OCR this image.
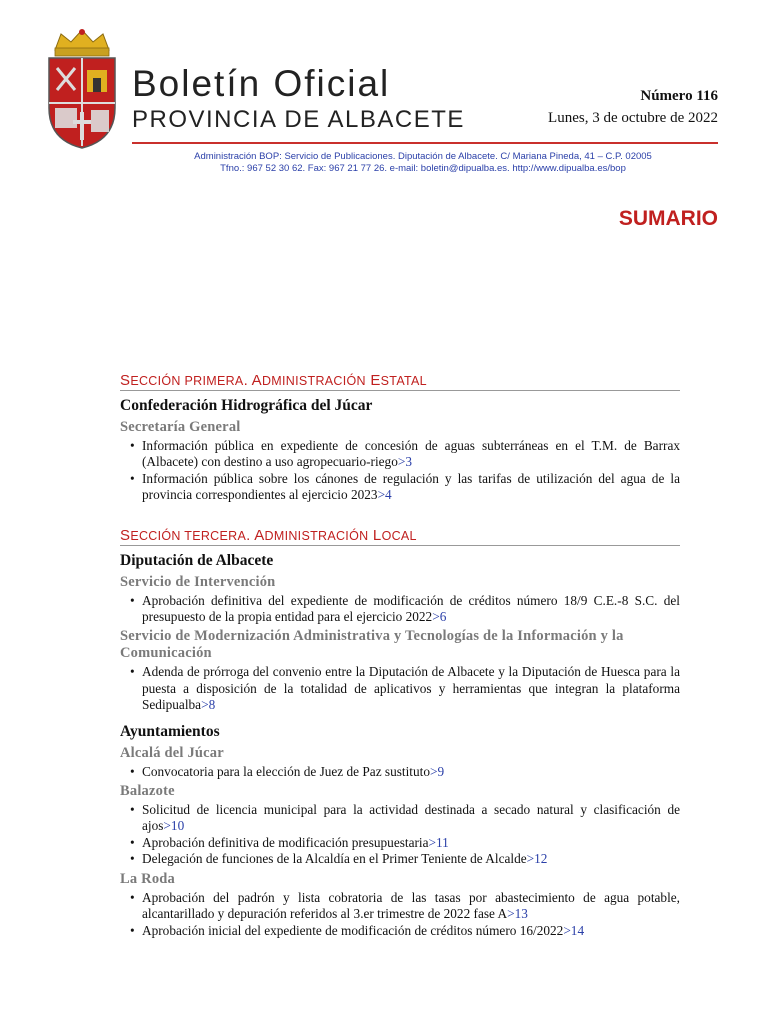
Boletín Oficial
PROVINCIA DE ALBACETE
Número 116
Lunes, 3 de octubre de 2022
Administración BOP: Servicio de Publicaciones. Diputación de Albacete. C/ Mariana Pineda, 41 – C.P. 02005
Tfno.: 967 52 30 62. Fax: 967 21 77 26. e-mail: boletin@dipualba.es. http://www.dipualba.es/bop
SUMARIO
SECCIÓN PRIMERA. ADMINISTRACIÓN ESTATAL
Confederación Hidrográfica del Júcar
Secretaría General
• Información pública en expediente de concesión de aguas subterráneas en el T.M. de Barrax (Albacete) con destino a uso agropecuario-riego>3
• Información pública sobre los cánones de regulación y las tarifas de utilización del agua de la provincia correspondientes al ejercicio 2023>4
SECCIÓN TERCERA. ADMINISTRACIÓN LOCAL
Diputación de Albacete
Servicio de Intervención
• Aprobación definitiva del expediente de modificación de créditos número 18/9 C.E.-8 S.C. del presupuesto de la propia entidad para el ejercicio 2022>6
Servicio de Modernización Administrativa y Tecnologías de la Información y la Comunicación
• Adenda de prórroga del convenio entre la Diputación de Albacete y la Diputación de Huesca para la puesta a disposición de la totalidad de aplicativos y herramientas que integran la plataforma Sedipualba>8
Ayuntamientos
Alcalá del Júcar
• Convocatoria para la elección de Juez de Paz sustituto>9
Balazote
• Solicitud de licencia municipal para la actividad destinada a secado natural y clasificación de ajos>10
• Aprobación definitiva de modificación presupuestaria>11
• Delegación de funciones de la Alcaldía en el Primer Teniente de Alcalde>12
La Roda
• Aprobación del padrón y lista cobratoria de las tasas por abastecimiento de agua potable, alcantarillado y depuración referidos al 3.er trimestre de 2022 fase A>13
• Aprobación inicial del expediente de modificación de créditos número 16/2022>14
